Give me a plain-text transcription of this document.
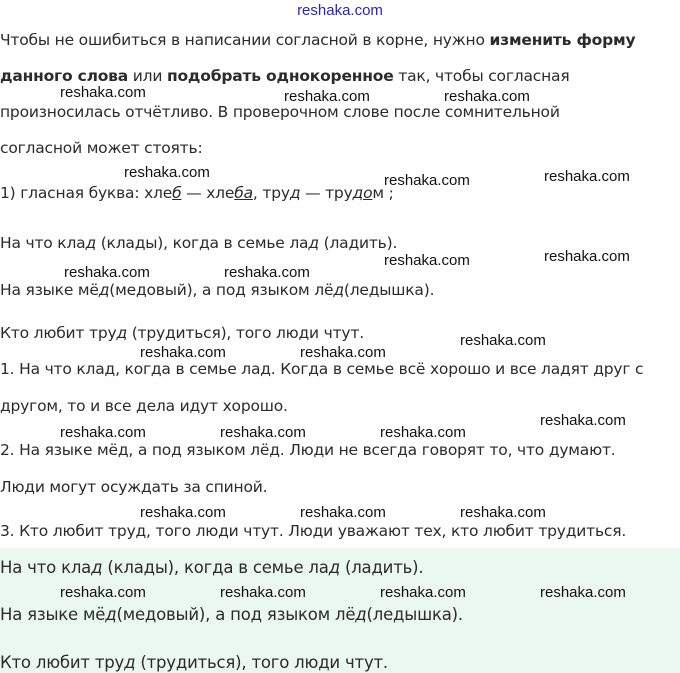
reshaka.com
Чтобы не ошибиться в написании согласной в корне, нужно изменить форму
данного слова или подобрать однокоренное так, чтобы согласная
произносилась отчётливо. В проверочном слове после сомнительной
согласной может стоять:
1) гласная буква: хлеб — хлеба, труд — трудом ;
На что клад (клады), когда в семье лад (ладить).
На языке мёд(медовый), а под языком лёд(ледышка).
Кто любит труд (трудиться), того люди чтут.
1. На что клад, когда в семье лад. Когда в семье всё хорошо и все ладят друг с
другом, то и все дела идут хорошо.
2. На языке мёд, а под языком лёд. Люди не всегда говорят то, что думают.
Люди могут осуждать за спиной.
3. Кто любит труд, того люди чтут. Люди уважают тех, кто любит трудиться.
На что клад (клады), когда в семье лад (ладить).
На языке мёд(медовый), а под языком лёд(ледышка).
Кто любит труд (трудиться), того люди чтут.
reshaka.com	reshaka.com	reshaka.com
reshaka.com	reshaka.com	reshaka.com
reshaka.com	reshaka.com
reshaka.com	reshaka.com
reshaka.com
reshaka.com	reshaka.com
reshaka.com
reshaka.com	reshaka.com	reshaka.com
reshaka.com	reshaka.com	reshaka.com
reshaka.com	reshaka.com	reshaka.com	reshaka.com
